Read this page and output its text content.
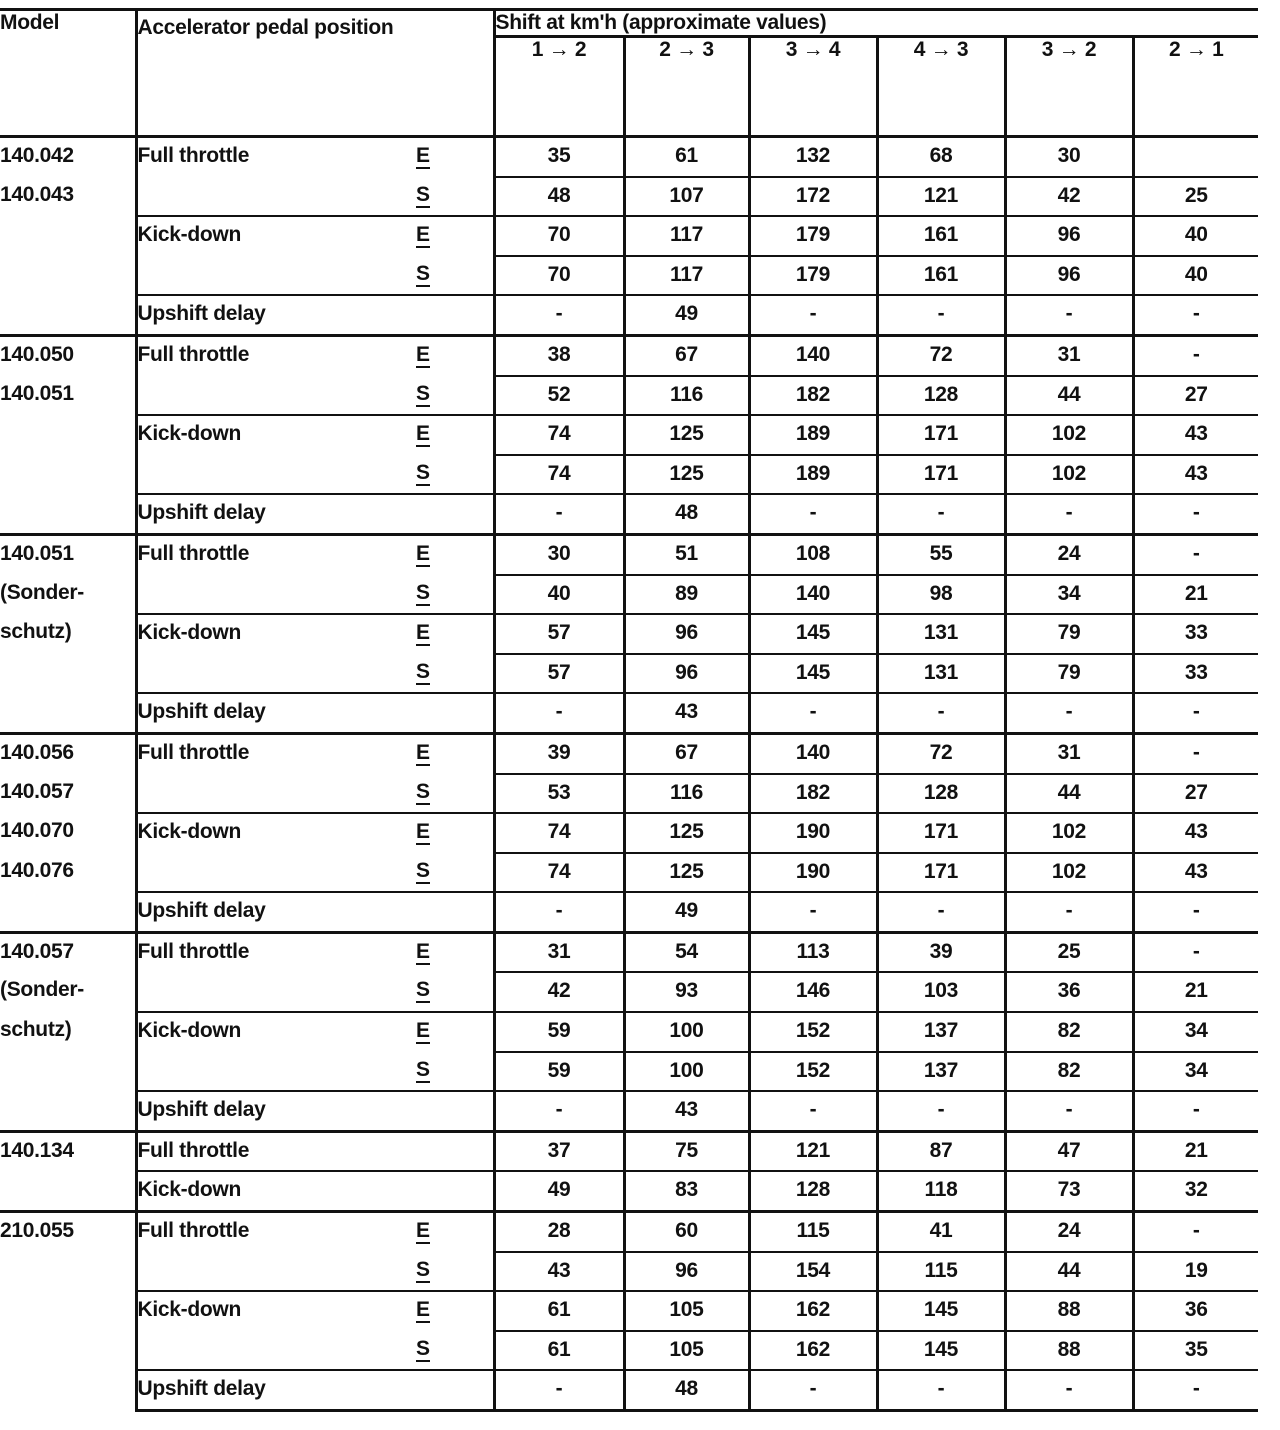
Model	Accelerator pedal position		Shift at km'h (approximate values)					
			1 → 2	2 → 3	3 → 4	4 → 3	3 → 2	2 → 1
140.042	Full throttle	E	35	61	132	68	30	
140.043		S	48	107	172	121	42	25
	Kick-down	E	70	117	179	161	96	40
		S	70	117	179	161	96	40
	Upshift delay		-	49	-	-	-	-
140.050	Full throttle	E	38	67	140	72	31	-
140.051		S	52	116	182	128	44	27
	Kick-down	E	74	125	189	171	102	43
		S	74	125	189	171	102	43
	Upshift delay		-	48	-	-	-	-
140.051	Full throttle	E	30	51	108	55	24	-
(Sonder-		S	40	89	140	98	34	21
schutz)	Kick-down	E	57	96	145	131	79	33
		S	57	96	145	131	79	33
	Upshift delay		-	43	-	-	-	-
140.056	Full throttle	E	39	67	140	72	31	-
140.057		S	53	116	182	128	44	27
140.070	Kick-down	E	74	125	190	171	102	43
140.076		S	74	125	190	171	102	43
	Upshift delay		-	49	-	-	-	-
140.057	Full throttle	E	31	54	113	39	25	-
(Sonder-		S	42	93	146	103	36	21
schutz)	Kick-down	E	59	100	152	137	82	34
		S	59	100	152	137	82	34
	Upshift delay		-	43	-	-	-	-
140.134	Full throttle		37	75	121	87	47	21
	Kick-down		49	83	128	118	73	32
210.055	Full throttle	E	28	60	115	41	24	-
		S	43	96	154	115	44	19
	Kick-down	E	61	105	162	145	88	36
		S	61	105	162	145	88	35
	Upshift delay		-	48	-	-	-	-
